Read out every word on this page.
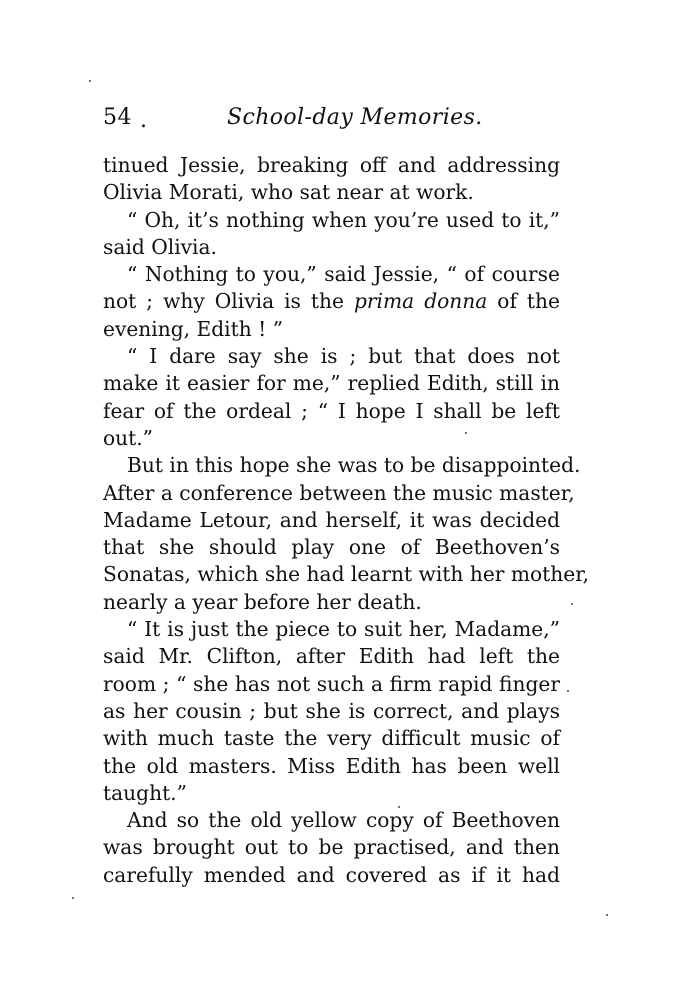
54 .	School-day Memories.
tinued Jessie, breaking off and addressing
Olivia Morati, who sat near at work.
“ Oh, it’s nothing when you’re used to it,”
said Olivia.
“ Nothing to you,” said Jessie, “ of course
not ; why Olivia is the prima donna of the
evening, Edith ! ”
“ I dare say she is ; but that does not
make it easier for me,” replied Edith, still in
fear of the ordeal ; “ I hope I shall be left
out.”
But in this hope she was to be disappointed.
After a conference between the music master,
Madame Letour, and herself, it was decided
that she should play one of Beethoven’s
Sonatas, which she had learnt with her mother,
nearly a year before her death.
“ It is just the piece to suit her, Madame,”
said Mr. Clifton, after Edith had left the
room ; “ she has not such a firm rapid finger
as her cousin ; but she is correct, and plays
with much taste the very difficult music of
the old masters. Miss Edith has been well
taught.”
And so the old yellow copy of Beethoven
was brought out to be practised, and then
carefully mended and covered as if it had
